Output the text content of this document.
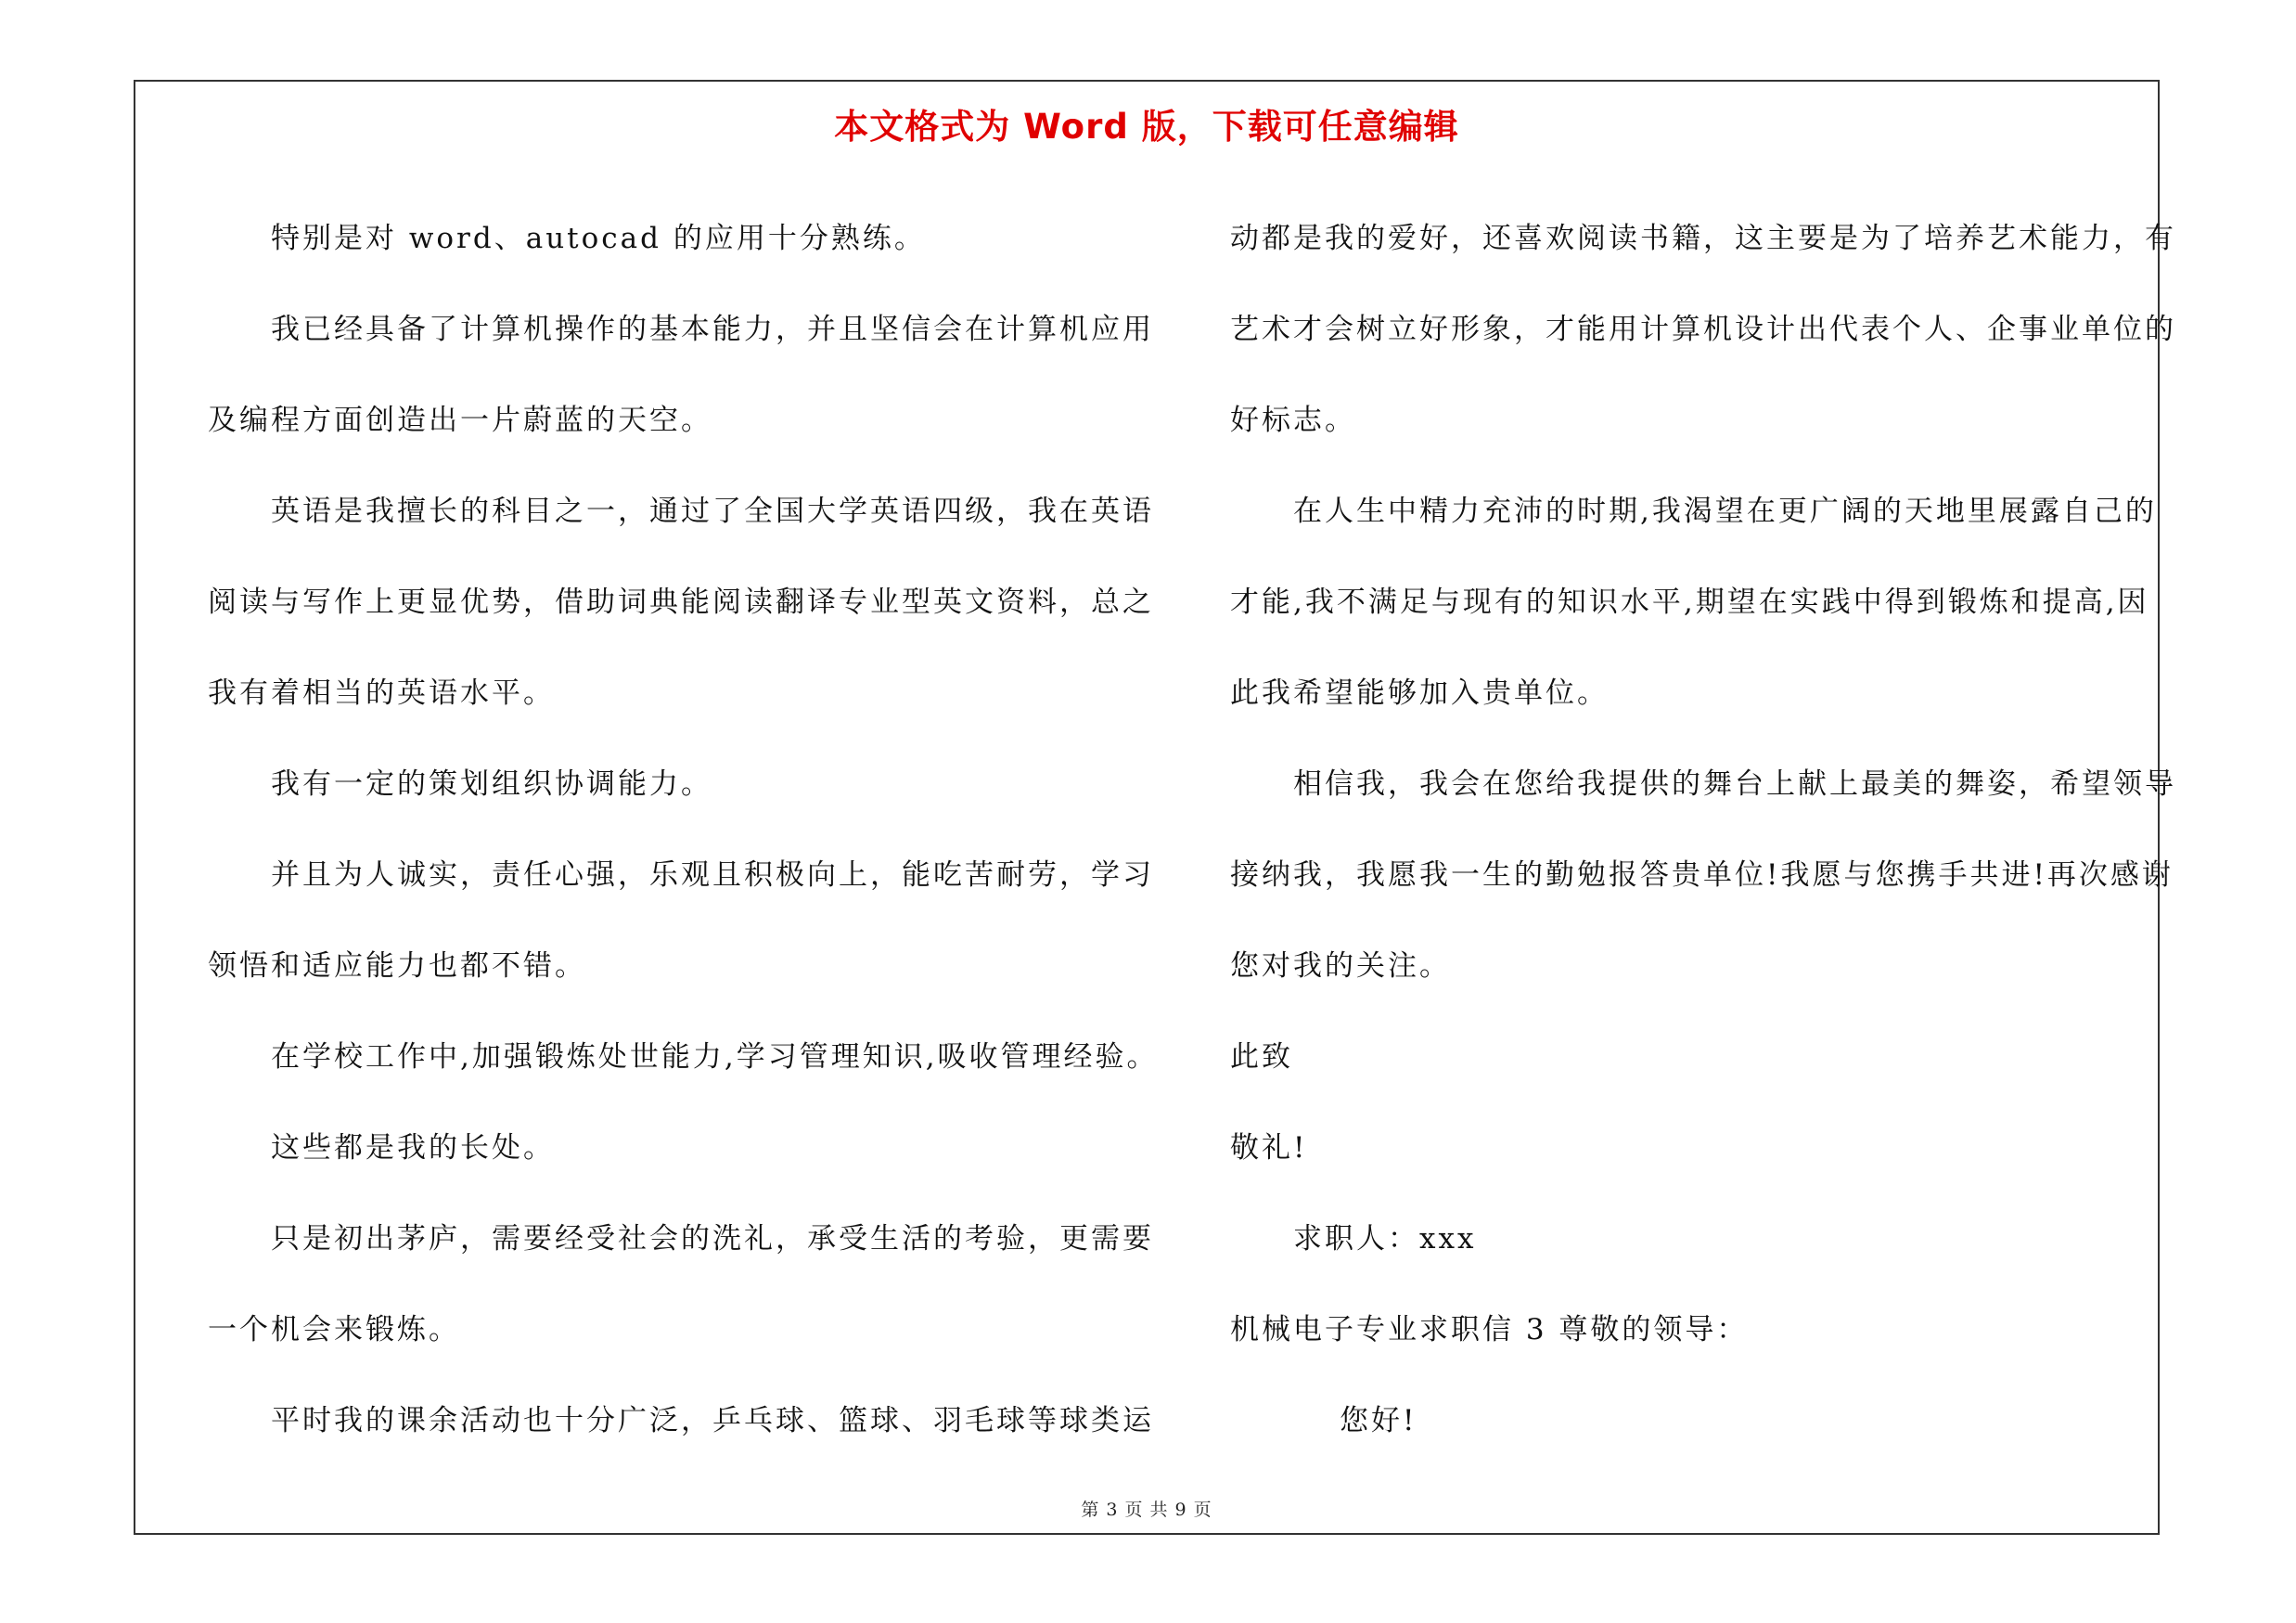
本文格式为 Word 版，下载可任意编辑
特别是对 word、autocad 的应用十分熟练。
我已经具备了计算机操作的基本能力，并且坚信会在计算机应用
及编程方面创造出一片蔚蓝的天空。
英语是我擅长的科目之一，通过了全国大学英语四级，我在英语
阅读与写作上更显优势，借助词典能阅读翻译专业型英文资料，总之
我有着相当的英语水平。
我有一定的策划组织协调能力。
并且为人诚实，责任心强，乐观且积极向上，能吃苦耐劳，学习
领悟和适应能力也都不错。
在学校工作中,加强锻炼处世能力,学习管理知识,吸收管理经验。
这些都是我的长处。
只是初出茅庐，需要经受社会的洗礼，承受生活的考验，更需要
一个机会来锻炼。
平时我的课余活动也十分广泛，乒乓球、篮球、羽毛球等球类运
动都是我的爱好，还喜欢阅读书籍，这主要是为了培养艺术能力，有
艺术才会树立好形象，才能用计算机设计出代表个人、企事业单位的
好标志。
在人生中精力充沛的时期,我渴望在更广阔的天地里展露自己的
才能,我不满足与现有的知识水平,期望在实践中得到锻炼和提高,因
此我希望能够加入贵单位。
相信我，我会在您给我提供的舞台上献上最美的舞姿，希望领导
接纳我，我愿我一生的勤勉报答贵单位!我愿与您携手共进!再次感谢
您对我的关注。
此致
敬礼!
求职人：xxx
机械电子专业求职信 3 尊敬的领导：
您好!
第 3 页 共 9 页
